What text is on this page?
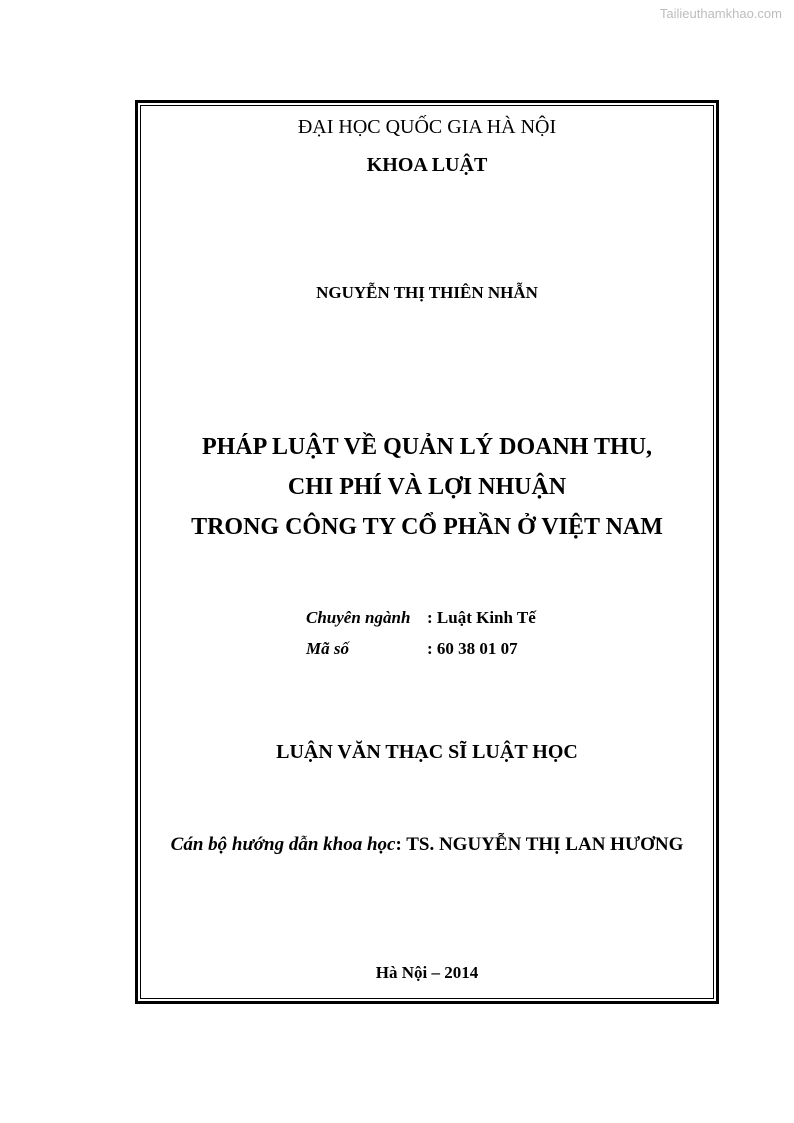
Tailieuthamkhao.com
ĐẠI HỌC QUỐC GIA HÀ NỘI
KHOA LUẬT
NGUYỄN THỊ THIÊN NHẪN
PHÁP LUẬT VỀ QUẢN LÝ DOANH THU,
CHI PHÍ VÀ LỢI NHUẬN
TRONG CÔNG TY CỔ PHẦN Ở VIỆT NAM
Chuyên ngành : Luật Kinh Tế
Mã số	: 60 38 01 07
LUẬN VĂN THẠC SĨ LUẬT HỌC
Cán bộ hướng dẫn khoa học: TS. NGUYỄN THỊ LAN HƯƠNG
Hà Nội – 2014
